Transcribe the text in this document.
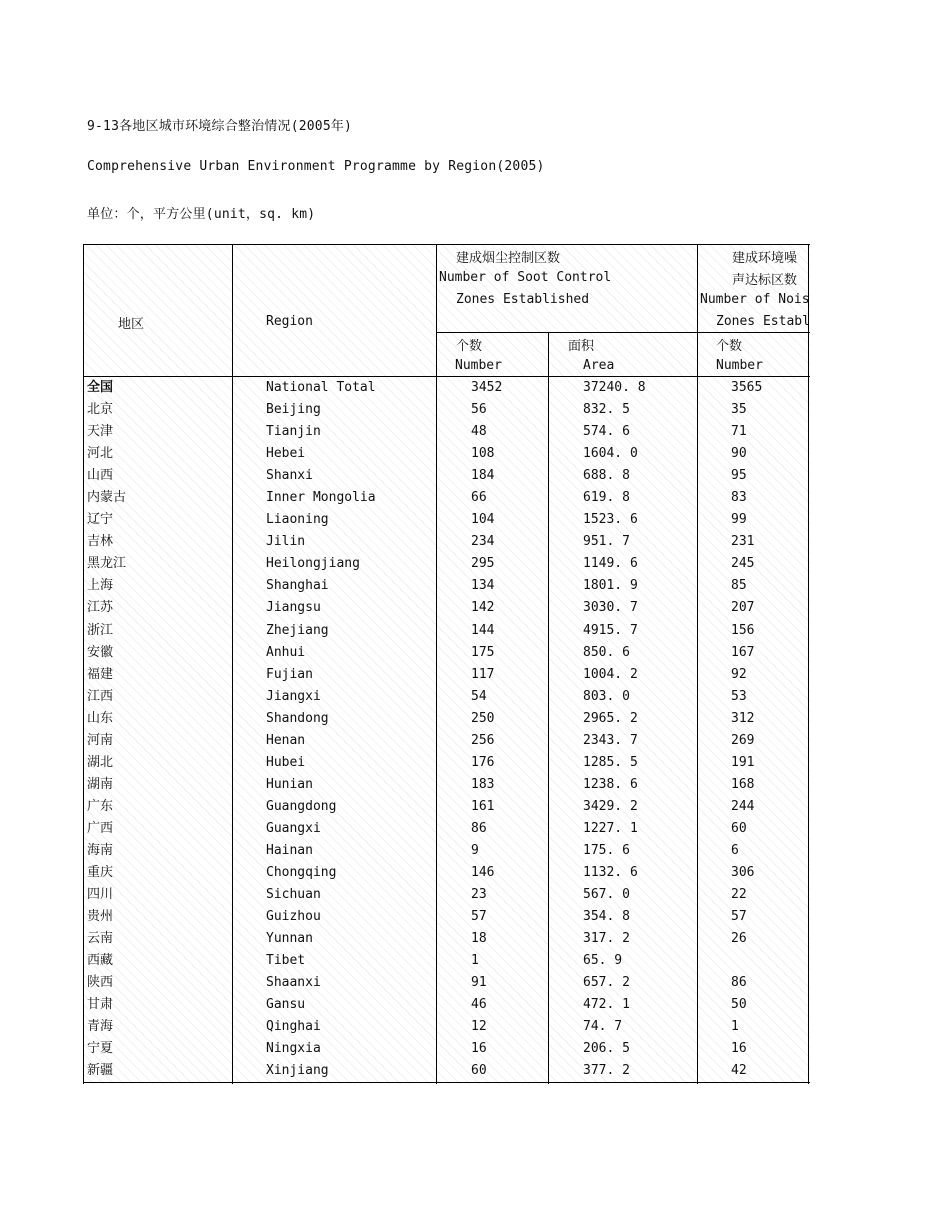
9-13各地区城市环境综合整治情况(2005年)
Comprehensive Urban Environment Programme by Region(2005)
单位：个，平方公里(unit，sq. km)
地区	Region
建成烟尘控制区数
Number of Soot Control
Zones Established
建成环境噪
声达标区数
Number of Nois
Zones Establ
个数
Number
面积
Area
个数
Number
全国	National Total	3452	37240. 8	3565
北京	Beijing	56	832. 5	35
天津	Tianjin	48	574. 6	71
河北	Hebei	108	1604. 0	90
山西	Shanxi	184	688. 8	95
内蒙古	Inner Mongolia	66	619. 8	83
辽宁	Liaoning	104	1523. 6	99
吉林	Jilin	234	951. 7	231
黑龙江	Heilongjiang	295	1149. 6	245
上海	Shanghai	134	1801. 9	85
江苏	Jiangsu	142	3030. 7	207
浙江	Zhejiang	144	4915. 7	156
安徽	Anhui	175	850. 6	167
福建	Fujian	117	1004. 2	92
江西	Jiangxi	54	803. 0	53
山东	Shandong	250	2965. 2	312
河南	Henan	256	2343. 7	269
湖北	Hubei	176	1285. 5	191
湖南	Hunian	183	1238. 6	168
广东	Guangdong	161	3429. 2	244
广西	Guangxi	86	1227. 1	60
海南	Hainan	9	175. 6	6
重庆	Chongqing	146	1132. 6	306
四川	Sichuan	23	567. 0	22
贵州	Guizhou	57	354. 8	57
云南	Yunnan	18	317. 2	26
西藏	Tibet	1	65. 9
陕西	Shaanxi	91	657. 2	86
甘肃	Gansu	46	472. 1	50
青海	Qinghai	12	74. 7	1
宁夏	Ningxia	16	206. 5	16
新疆	Xinjiang	60	377. 2	42
